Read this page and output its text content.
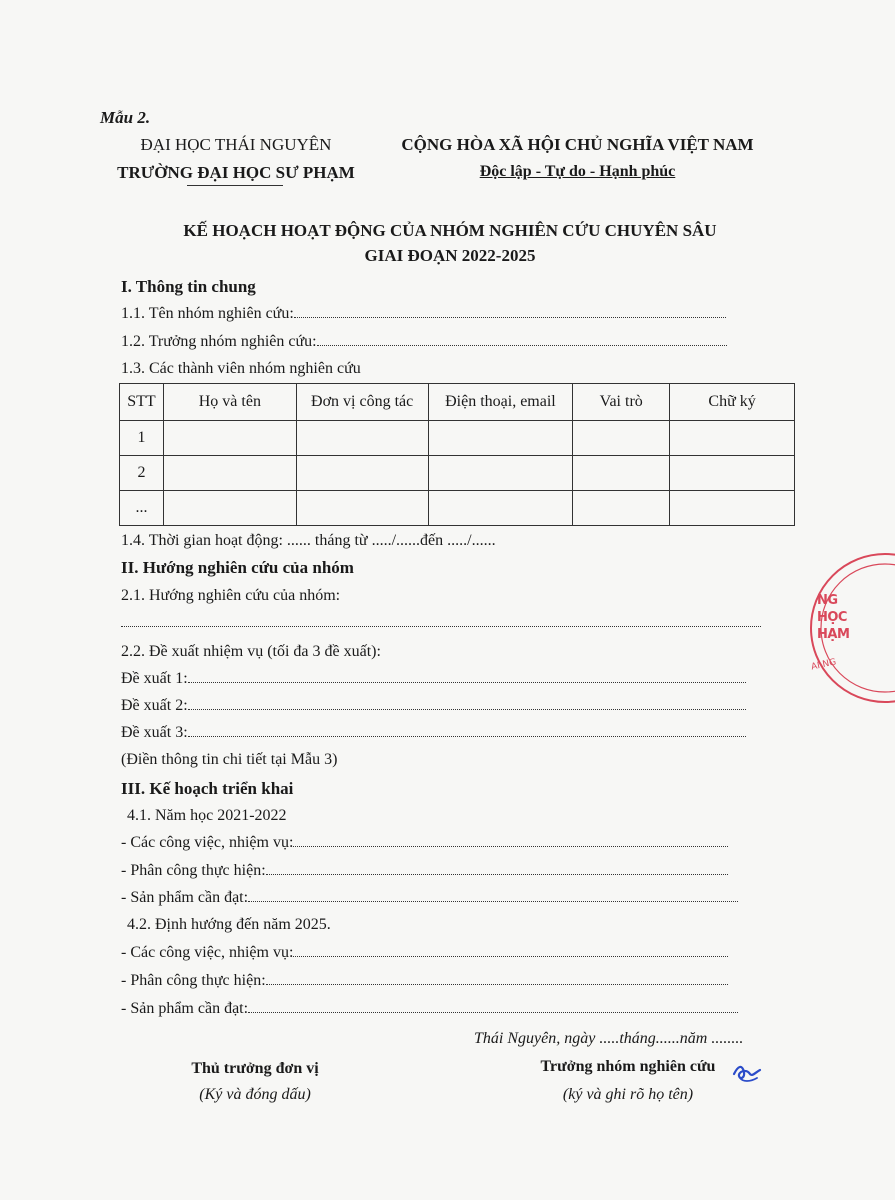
Mẫu 2.
ĐẠI HỌC THÁI NGUYÊN
TRƯỜNG ĐẠI HỌC SƯ PHẠM
CỘNG HÒA XÃ HỘI CHỦ NGHĨA VIỆT NAM
Độc lập - Tự do - Hạnh phúc
KẾ HOẠCH HOẠT ĐỘNG CỦA NHÓM NGHIÊN CỨU CHUYÊN SÂU
GIAI ĐOẠN 2022-2025
I. Thông tin chung
1.1. Tên nhóm nghiên cứu:
1.2. Trưởng nhóm nghiên cứu:
1.3. Các thành viên nhóm nghiên cứu
STT	Họ và tên	Đơn vị công tác	Điện thoại, email	Vai trò	Chữ ký
1					
2					
...					
1.4. Thời gian hoạt động: ...... tháng từ ...../......đến ...../......
II. Hướng nghiên cứu của nhóm
2.1. Hướng nghiên cứu của nhóm:
2.2. Đề xuất nhiệm vụ (tối đa 3 đề xuất):
Đề xuất 1:
Đề xuất 2:
Đề xuất 3:
(Điền thông tin chi tiết tại Mẫu 3)
III. Kế hoạch triển khai
4.1. Năm học 2021-2022
- Các công việc, nhiệm vụ:
- Phân công thực hiện:
- Sản phẩm cần đạt:
4.2. Định hướng đến năm 2025.
- Các công việc, nhiệm vụ:
- Phân công thực hiện:
- Sản phẩm cần đạt:
Thái Nguyên, ngày .....tháng......năm ........
Thủ trưởng đơn vị
(Ký và đóng dấu)
Trưởng nhóm nghiên cứu
(ký và ghi rõ họ tên)
NG
HỌC
HẠM
AI NG
